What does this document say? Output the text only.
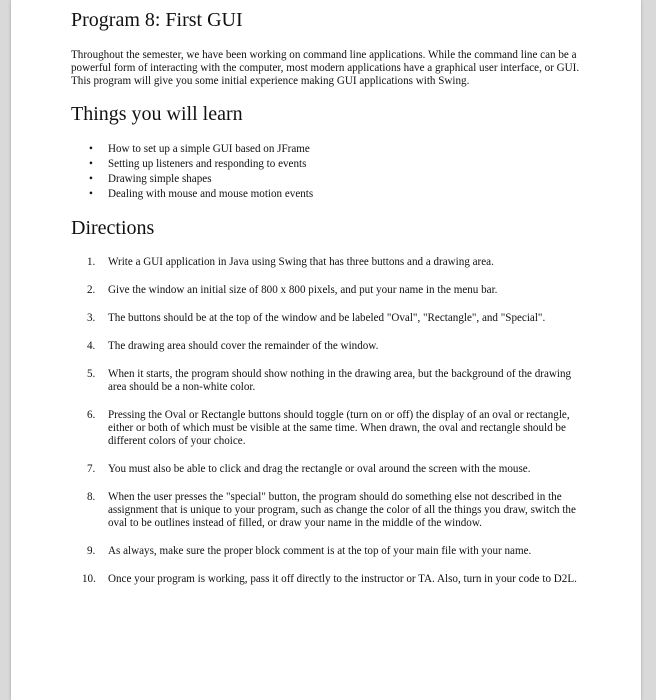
Program 8: First GUI

Throughout the semester, we have been working on command line applications. While the command line can be a powerful form of interacting with the computer, most modern applications have a graphical user interface, or GUI. This program will give you some initial experience making GUI applications with Swing.

Things you will learn
• How to set up a simple GUI based on JFrame
• Setting up listeners and responding to events
• Drawing simple shapes
• Dealing with mouse and mouse motion events
Directions
1. Write a GUI application in Java using Swing that has three buttons and a drawing area.
2. Give the window an initial size of 800 x 800 pixels, and put your name in the menu bar.
3. The buttons should be at the top of the window and be labeled "Oval", "Rectangle", and "Special".
4. The drawing area should cover the remainder of the window.
5. When it starts, the program should show nothing in the drawing area, but the background of the drawing area should be a non-white color.
6. Pressing the Oval or Rectangle buttons should toggle (turn on or off) the display of an oval or rectangle, either or both of which must be visible at the same time. When drawn, the oval and rectangle should be different colors of your choice.
7. You must also be able to click and drag the rectangle or oval around the screen with the mouse.
8. When the user presses the "special" button, the program should do something else not described in the assignment that is unique to your program, such as change the color of all the things you draw, switch the oval to be outlines instead of filled, or draw your name in the middle of the window.
9. As always, make sure the proper block comment is at the top of your main file with your name.
10. Once your program is working, pass it off directly to the instructor or TA. Also, turn in your code to D2L.
